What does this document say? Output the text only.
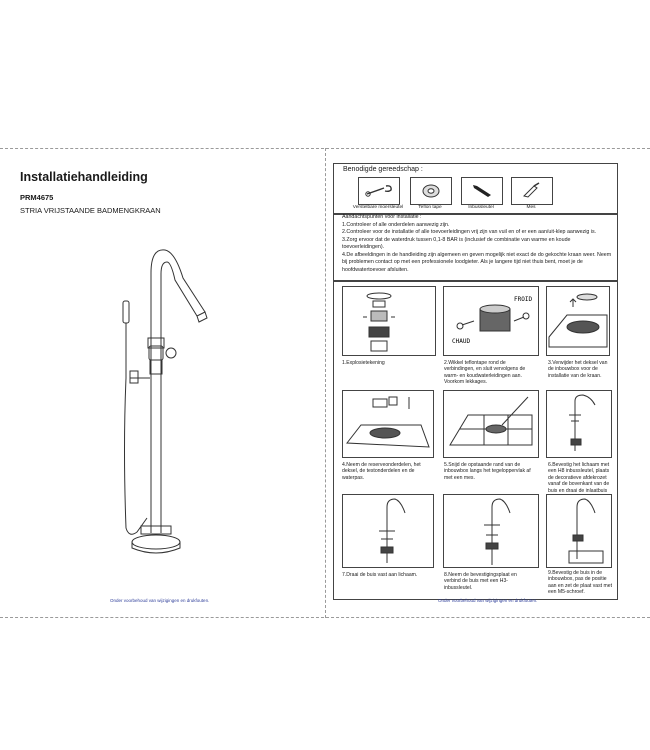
Installatiehandleiding
PRM4675
STRIA VRIJSTAANDE BADMENGKRAAN
Onder voorbehoud van wijzigingen en drukfouten.
Benodigde gereedschap :
Verstelbare moersleutel	Teflon tape	Inbussleutel	Mes
Aandachtspunten vóór installatie :
1.Controleer of alle onderdelen aanwezig zijn.
2.Controleer voor de installatie of alle toevoerleidingen vrij zijn van vuil en of er een aan/uit-klep aanwezig is.
3.Zorg ervoor dat de waterdruk tussen 0,1-8 BAR is (inclusief de combinatie van warme en koude toevoerleidingen).
4.De afbeeldingen in de handleiding zijn algemeen en geven mogelijk niet exact de do gekochte kraan weer. Neem bij problemen contact op met een professionele loodgieter. Als je langere tijd niet thuis bent, moet je de hoofdwatertoevoer afsluiten.
FROID
CHAUD
1.Explosietekening	2.Wikkel teflontape rond de verbindingen, en sluit vervolgens de warm- en koudwaterleidingen aan. Voorkom lekkages.
3.Verwijder het deksel van de inbouwbox voor de installatie van de kraan.
4.Neem de reserveonderdelen, het deksel, de testonderdelen en de waterpas.
5.Snijd de opstaande rand van de inbouwbox langs het tegeloppervlak af met een mes.
6.Bevestig het lichaam met een H8 inbussleutel, plaats de decoratieve afdekrozet vanaf de bovenkant van de buis en draai de inlaatbuis
7.Draai de buis vast aan lichaam.	8.Neem de bevestigingsplaat en verbind de buis met een H3-inbussleutel.
9.Bevestig de buis in de inbouwbox, pas de positie aan en zet de plaat vast met een M5-schroef.
Onder voorbehoud van wijzigingen en drukfouten.
